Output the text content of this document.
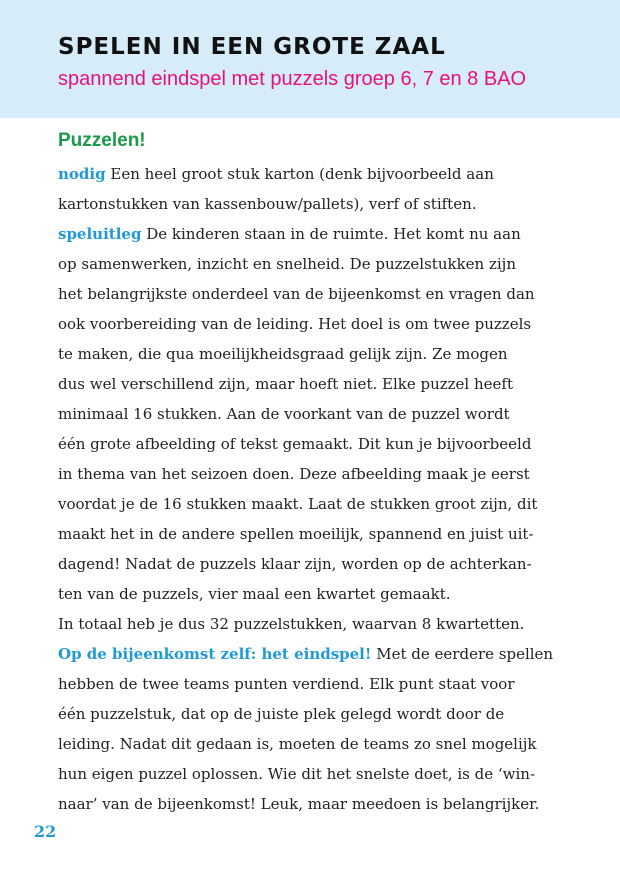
SPELEN IN EEN GROTE ZAAL
spannend eindspel met puzzels groep 6, 7 en 8 BAO
Puzzelen!
nodig Een heel groot stuk karton (denk bijvoorbeeld aan
kartonstukken van kassenbouw/pallets), verf of stiften.
speluitleg De kinderen staan in de ruimte. Het komt nu aan
op samenwerken, inzicht en snelheid. De puzzelstukken zijn
het belangrijkste onderdeel van de bijeenkomst en vragen dan
ook voorbereiding van de leiding. Het doel is om twee puzzels
te maken, die qua moeilijkheidsgraad gelijk zijn. Ze mogen
dus wel verschillend zijn, maar hoeft niet. Elke puzzel heeft
minimaal 16 stukken. Aan de voorkant van de puzzel wordt
één grote afbeelding of tekst gemaakt. Dit kun je bijvoorbeeld
in thema van het seizoen doen. Deze afbeelding maak je eerst
voordat je de 16 stukken maakt. Laat de stukken groot zijn, dit
maakt het in de andere spellen moeilijk, spannend en juist uit-
dagend! Nadat de puzzels klaar zijn, worden op de achterkan-
ten van de puzzels, vier maal een kwartet gemaakt.
In totaal heb je dus 32 puzzelstukken, waarvan 8 kwartetten.
Op de bijeenkomst zelf: het eindspel! Met de eerdere spellen
hebben de twee teams punten verdiend. Elk punt staat voor
één puzzelstuk, dat op de juiste plek gelegd wordt door de
leiding. Nadat dit gedaan is, moeten de teams zo snel mogelijk
hun eigen puzzel oplossen. Wie dit het snelste doet, is de ‘win-
naar’ van de bijeenkomst! Leuk, maar meedoen is belangrijker.
22
